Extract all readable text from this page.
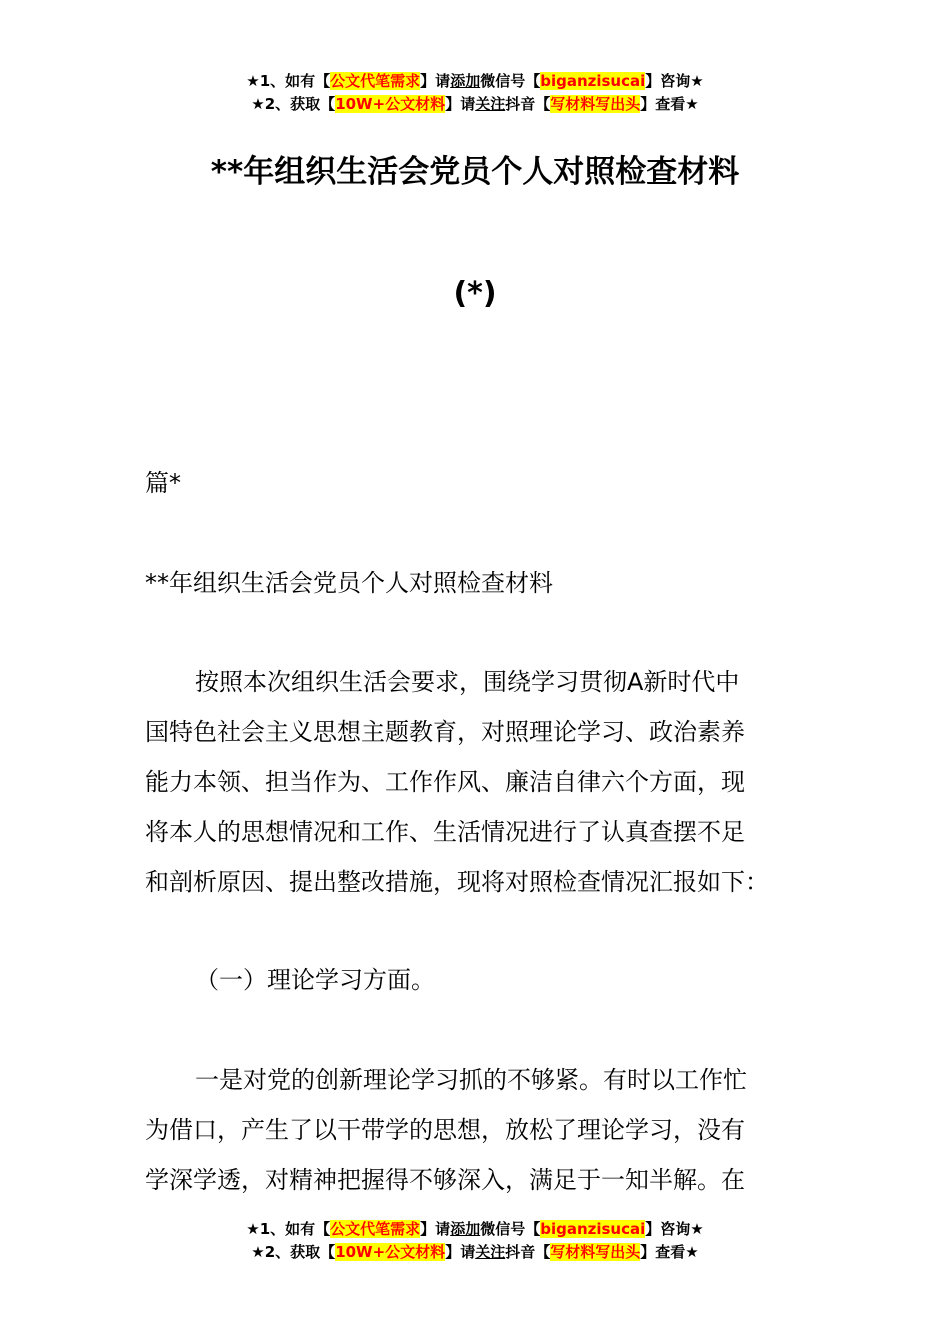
★1、如有【公文代笔需求】请添加微信号【biganzisucai】咨询★
★2、获取【10W+公文材料】请关注抖音【写材料写出头】查看★
**年组织生活会党员个人对照检查材料
(*)
篇*
**年组织生活会党员个人对照检查材料
按照本次组织生活会要求，围绕学习贯彻A新时代中
国特色社会主义思想主题教育，对照理论学习、政治素养
能力本领、担当作为、工作作风、廉洁自律六个方面，现
将本人的思想情况和工作、生活情况进行了认真查摆不足
和剖析原因、提出整改措施，现将对照检查情况汇报如下：
（一）理论学习方面。
一是对党的创新理论学习抓的不够紧。有时以工作忙
为借口，产生了以干带学的思想，放松了理论学习，没有
学深学透，对精神把握得不够深入，满足于一知半解。在
★1、如有【公文代笔需求】请添加微信号【biganzisucai】咨询★
★2、获取【10W+公文材料】请关注抖音【写材料写出头】查看★
